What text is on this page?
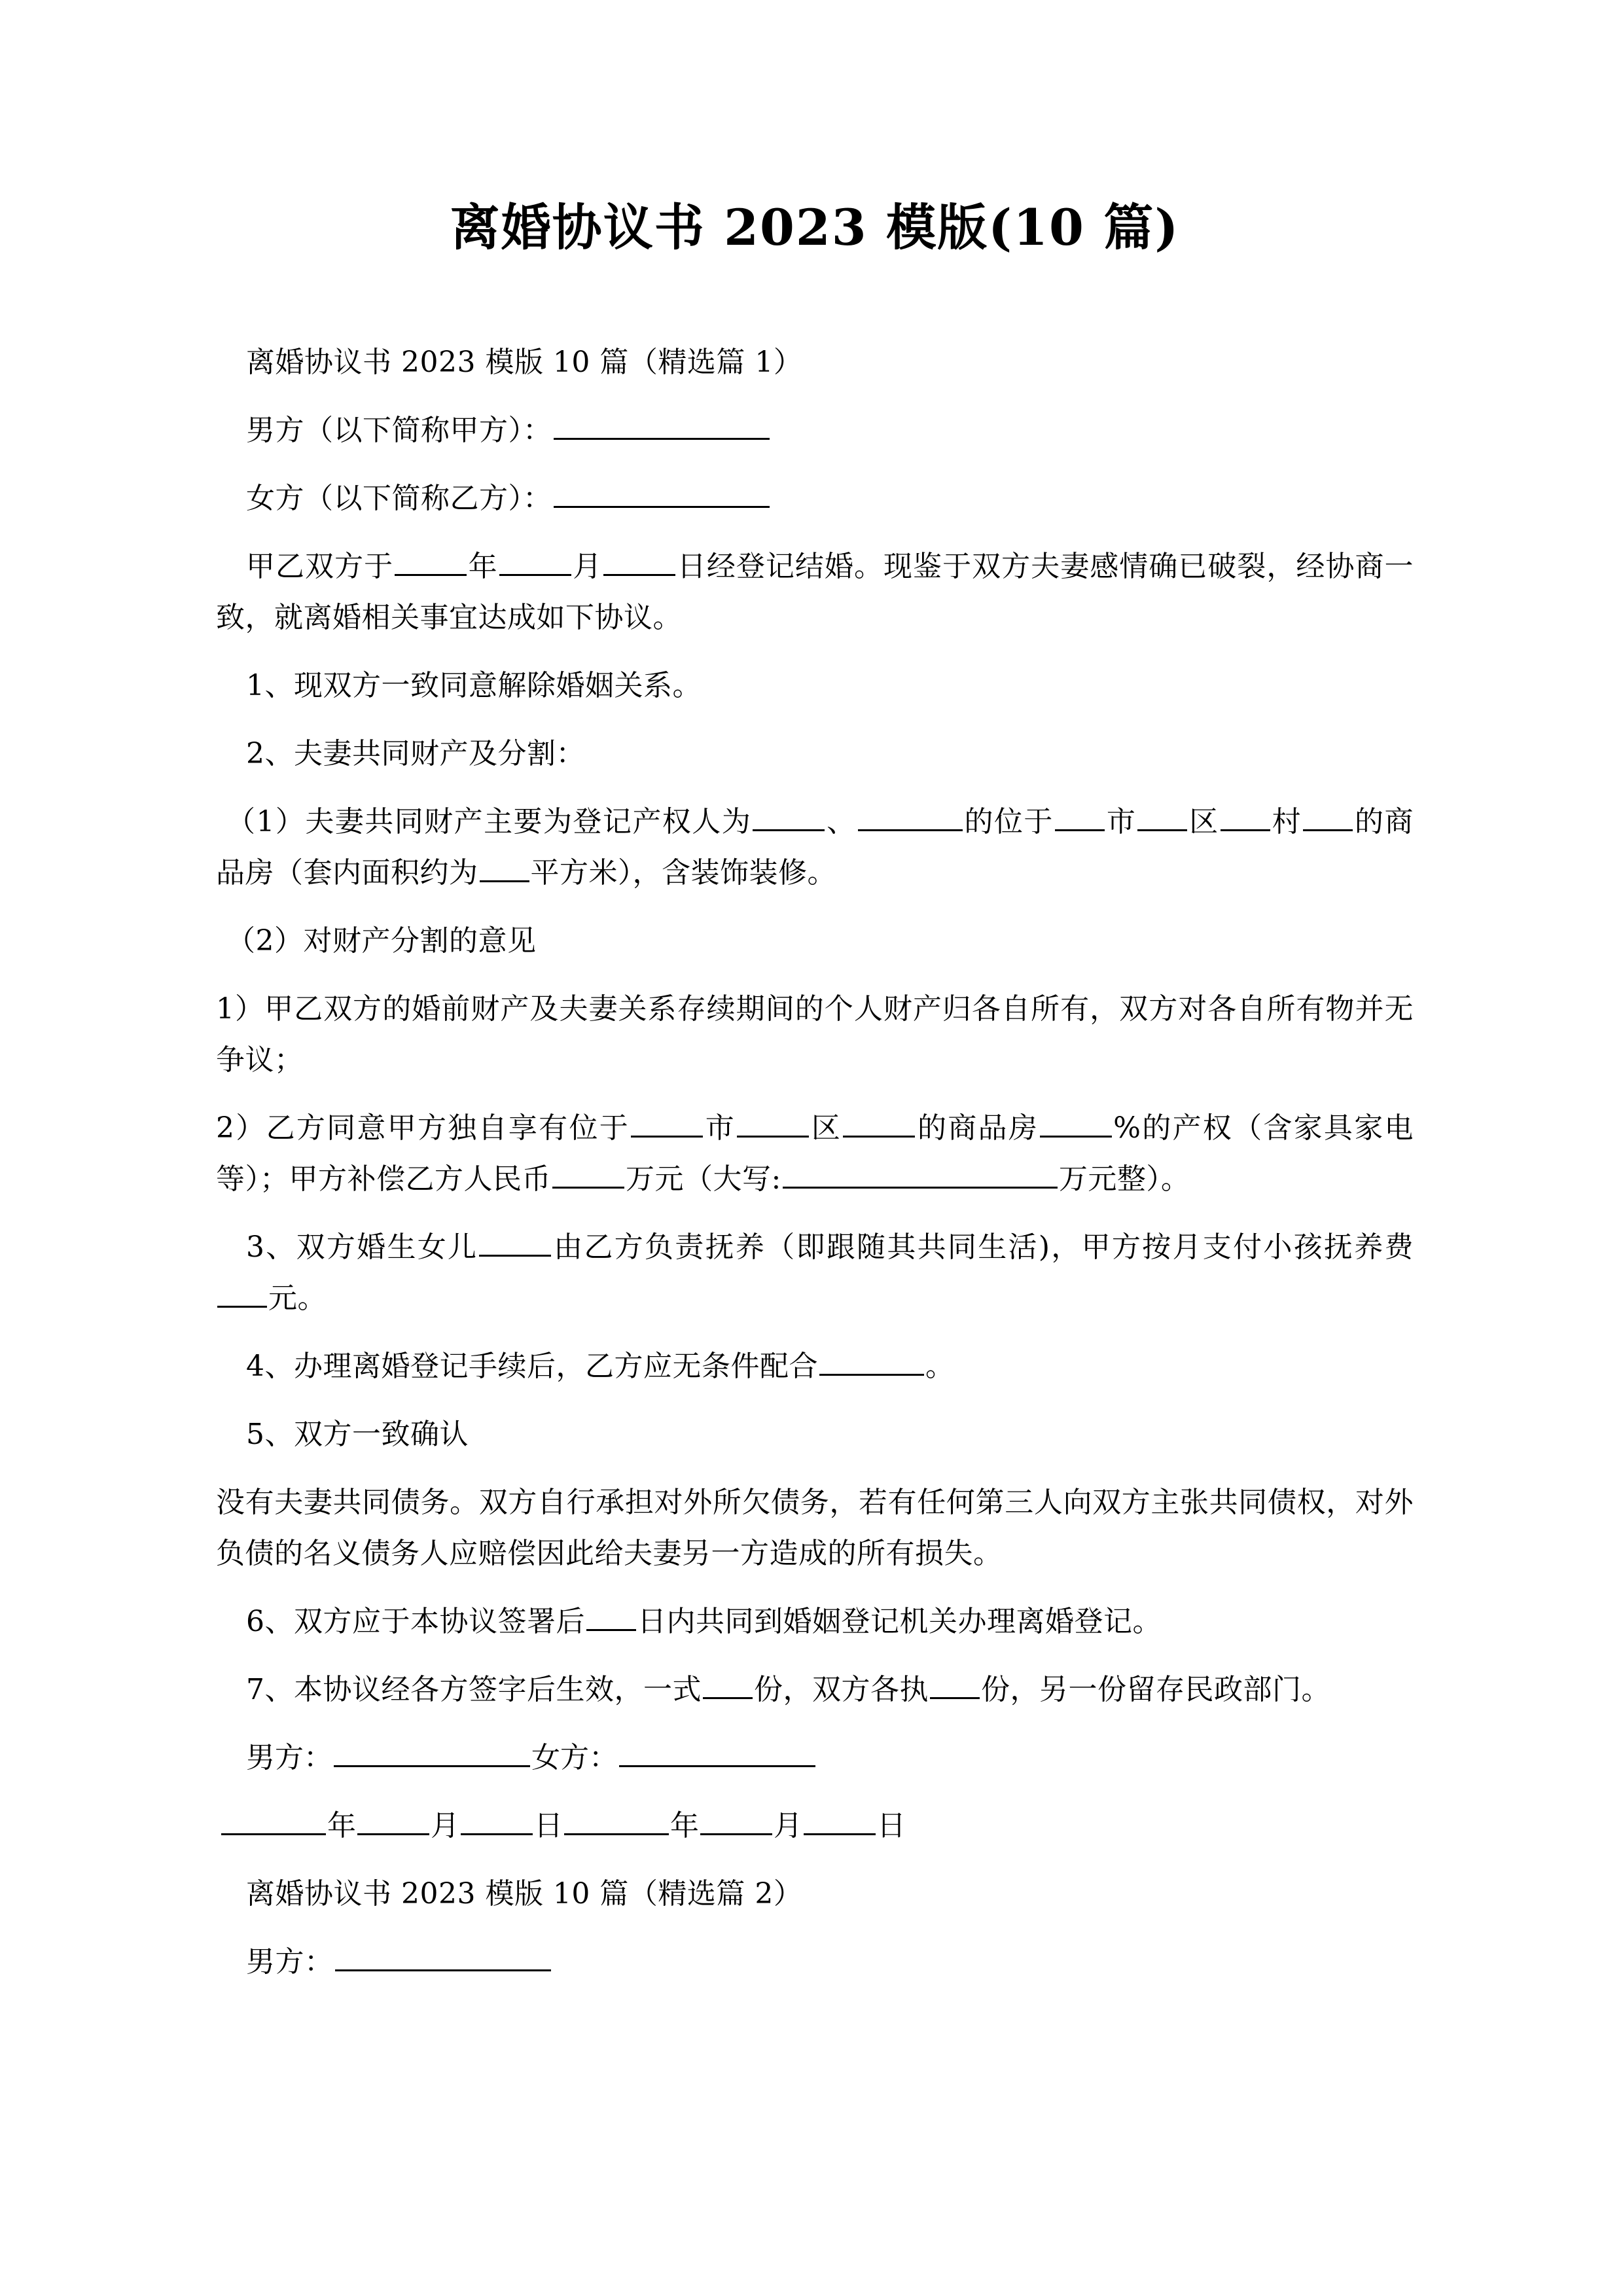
离婚协议书 2023 模版(10 篇)

离婚协议书 2023 模版 10 篇（精选篇 1）

男方（以下简称甲方）：

女方（以下简称乙方）：

甲乙双方于	年	月	日经登记结婚。现鉴于双方夫妻感情确已破裂，经协商一致，就离婚相关事宜达成如下协议。

1、现双方一致同意解除婚姻关系。

2、夫妻共同财产及分割：

（1）夫妻共同财产主要为登记产权人为	、	的位于 市 区 村 的商品房（套内面积约为 平方米），含装饰装修。

（2）对财产分割的意见

1）甲乙双方的婚前财产及夫妻关系存续期间的个人财产归各自所有，双方对各自所有物并无争议；

2）乙方同意甲方独自享有位于	市	区	的商品房	%的产权（含家具家电等）；甲方补偿乙方人民币	万元（大写:	万元整）。

3、双方婚生女儿	由乙方负责抚养（即跟随其共同生活)，甲方按月支付小孩抚养费元。

4、办理离婚登记手续后，乙方应无条件配合	。

5、双方一致确认

没有夫妻共同债务。双方自行承担对外所欠债务，若有任何第三人向双方主张共同债权，对外负债的名义债务人应赔偿因此给夫妻另一方造成的所有损失。

6、双方应于本协议签署后 日内共同到婚姻登记机关办理离婚登记。

7、本协议经各方签字后生效，一式 份，双方各执 份，另一份留存民政部门。

男方：	女方：

年	月	日	年	月	日

离婚协议书 2023 模版 10 篇（精选篇 2）

男方：
